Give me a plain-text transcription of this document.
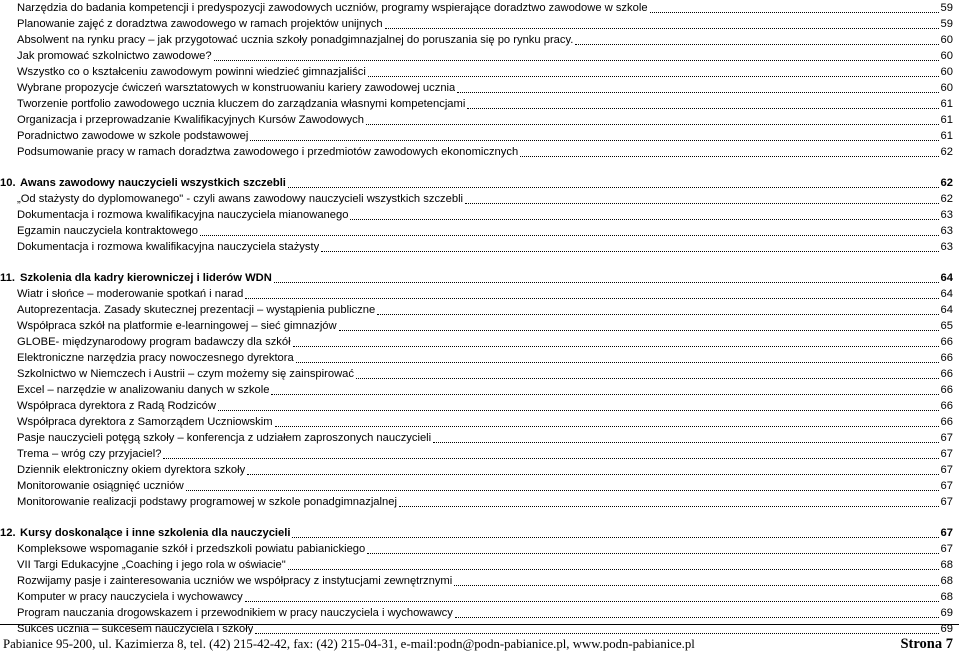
Narzędzia do badania kompetencji i predyspozycji zawodowych uczniów, programy wspierające doradztwo zawodowe w szkole	59
Planowanie zajęć z doradztwa zawodowego w ramach projektów unijnych	59
Absolwent na rynku pracy – jak przygotować ucznia szkoły ponadgimnazjalnej do poruszania się po rynku pracy.	60
Jak promować szkolnictwo zawodowe?	60
Wszystko co o kształceniu zawodowym powinni wiedzieć gimnazjaliści	60
Wybrane propozycje ćwiczeń warsztatowych w konstruowaniu kariery zawodowej ucznia	60
Tworzenie portfolio zawodowego ucznia kluczem do zarządzania własnymi kompetencjami	61
Organizacja i przeprowadzanie Kwalifikacyjnych Kursów Zawodowych	61
Poradnictwo zawodowe w szkole podstawowej	61
Podsumowanie pracy w ramach doradztwa zawodowego i przedmiotów zawodowych ekonomicznych	62
10. Awans zawodowy nauczycieli wszystkich szczebli	62
„Od stażysty do dyplomowanego" - czyli awans zawodowy nauczycieli wszystkich szczebli	62
Dokumentacja i rozmowa kwalifikacyjna nauczyciela mianowanego	63
Egzamin nauczyciela kontraktowego	63
Dokumentacja i rozmowa kwalifikacyjna nauczyciela stażysty	63
11. Szkolenia dla kadry kierowniczej i liderów WDN	64
Wiatr i słońce – moderowanie spotkań i narad	64
Autoprezentacja. Zasady skutecznej prezentacji – wystąpienia publiczne	64
Współpraca szkół na platformie e-learningowej – sieć gimnazjów	65
GLOBE- międzynarodowy program badawczy dla szkół	66
Elektroniczne narzędzia pracy nowoczesnego dyrektora	66
Szkolnictwo w Niemczech i Austrii – czym możemy się zainspirować	66
Excel – narzędzie w analizowaniu danych w szkole	66
Współpraca dyrektora z Radą Rodziców	66
Współpraca dyrektora z Samorządem Uczniowskim	66
Pasje nauczycieli potęgą szkoły – konferencja z udziałem zaproszonych nauczycieli	67
Trema – wróg czy przyjaciel?	67
Dziennik elektroniczny okiem dyrektora szkoły	67
Monitorowanie osiągnięć uczniów	67
Monitorowanie realizacji podstawy programowej w szkole ponadgimnazjalnej	67
12. Kursy doskonalące i inne szkolenia dla nauczycieli	67
Kompleksowe wspomaganie szkół i przedszkoli powiatu pabianickiego	67
VII Targi Edukacyjne „Coaching i jego rola w oświacie"	68
Rozwijamy pasje i zainteresowania uczniów we współpracy z instytucjami zewnętrznymi	68
Komputer w pracy nauczyciela i wychowawcy	68
Program nauczania drogowskazem i przewodnikiem w pracy nauczyciela i wychowawcy	69
Sukces ucznia – sukcesem nauczyciela i szkoły	69
Pabianice 95-200, ul. Kazimierza 8, tel. (42) 215-42-42, fax: (42) 215-04-31, e-mail:podn@podn-pabianice.pl, www.podn-pabianice.pl	Strona 7
